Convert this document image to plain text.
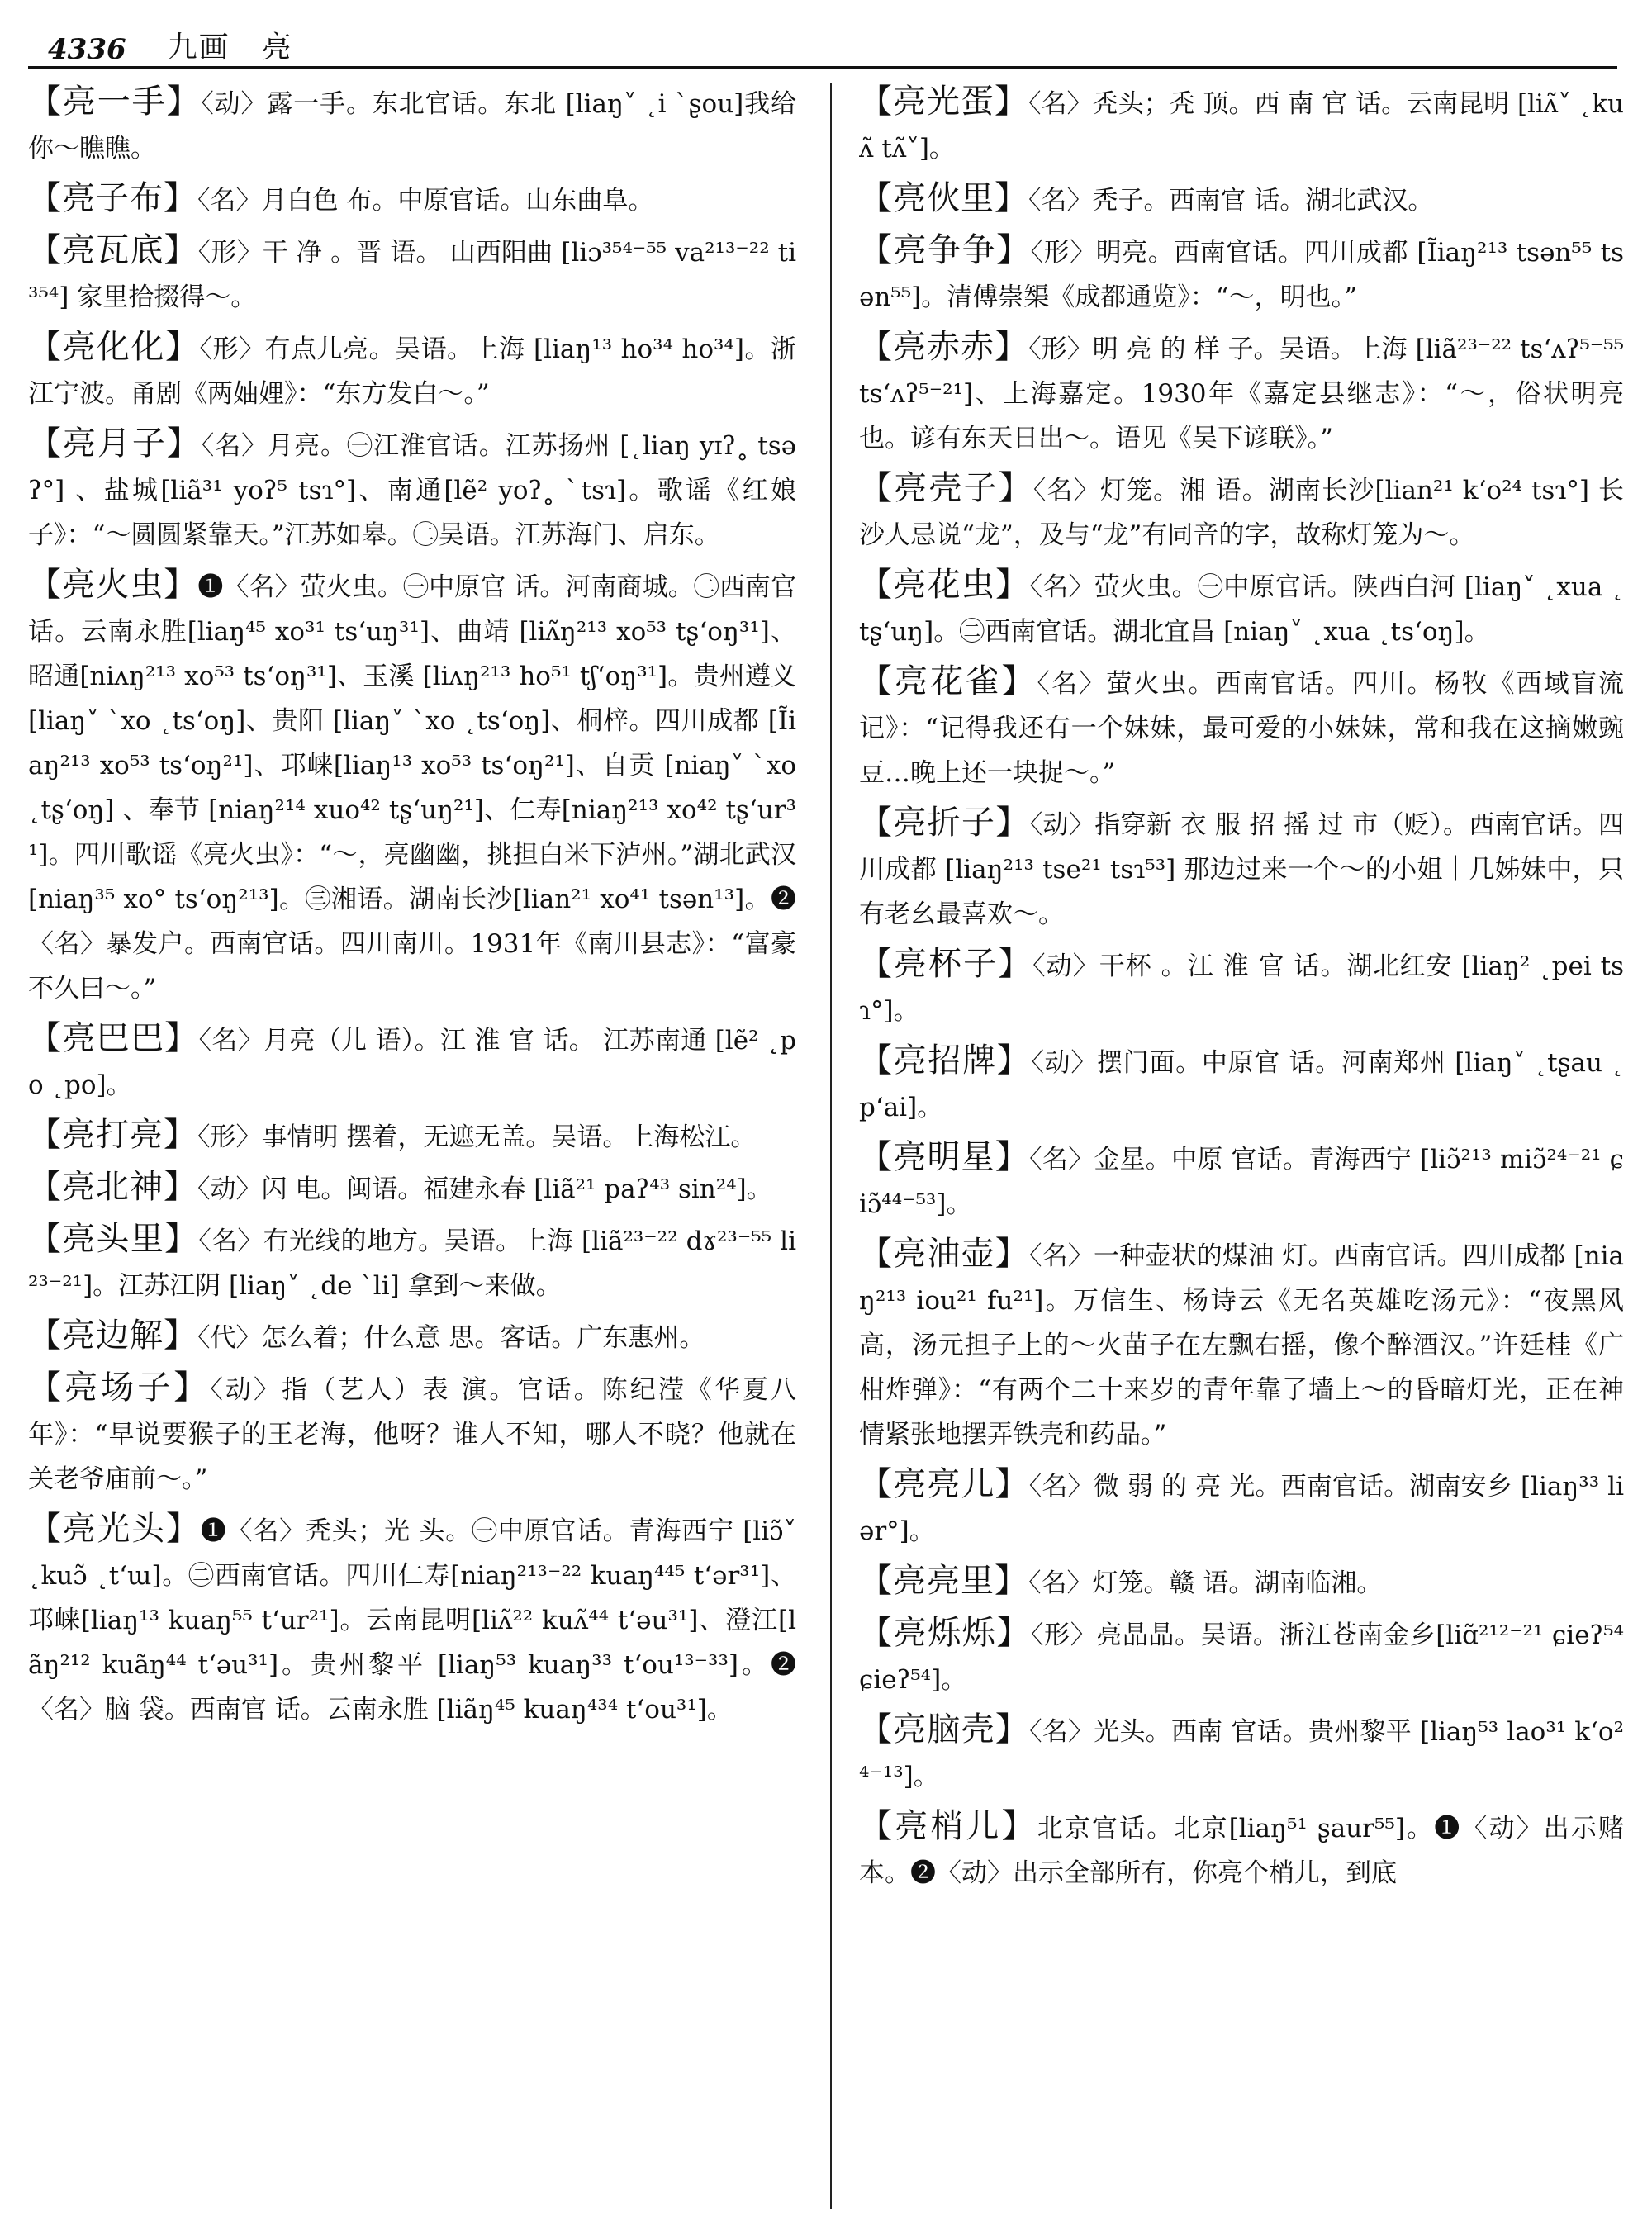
4336 九画 亮

【亮一手】〈动〉露一手。东北官话。东北 [liaŋ˅ ˛i ˋʂou]我给你～瞧瞧。

【亮子布】〈名〉月白色 布。中原官话。山东曲阜。

【亮瓦底】〈形〉干 净 。晋 语。 山西阳曲 [liɔ³⁵⁴⁻⁵⁵ va²¹³⁻²² ti³⁵⁴] 家里拾掇得～。

【亮化化】〈形〉有点儿亮。吴语。上海 [liaŋ¹³ ho³⁴ ho³⁴]。浙江宁波。甬剧《两妯娌》：“东方发白～。”

【亮月子】〈名〉月亮。㊀江淮官话。江苏扬州 [˛liaŋ yɪʔ˳ tsəʔ°] 、盐城[liã³¹ yoʔ⁵ tsɿ°]、南通[lẽ² yoʔ˳ ˋtsɿ]。歌谣《红娘子》：“～圆圆紧靠天。”江苏如皋。㊁吴语。江苏海门、启东。

【亮火虫】❶〈名〉萤火虫。㊀中原官 话。河南商城。㊁西南官话。云南永胜[liaŋ⁴⁵ xo³¹ tsʻuŋ³¹]、曲靖 [liʌ̃ŋ²¹³ xo⁵³ tʂʻoŋ³¹]、昭通[niʌŋ²¹³ xo⁵³ tsʻoŋ³¹]、玉溪 [liʌŋ²¹³ ho⁵¹ tʃʻoŋ³¹]。贵州遵义 [liaŋ˅ ˋxo ˛tsʻoŋ]、贵阳 [liaŋ˅ ˋxo ˛tsʻoŋ]、桐梓。四川成都 [Ĩiaŋ²¹³ xo⁵³ tsʻoŋ²¹]、邛崃[liaŋ¹³ xo⁵³ tsʻoŋ²¹]、自贡 [niaŋ˅ ˋxo ˛tʂʻoŋ] 、奉节 [niaŋ²¹⁴ xuo⁴² tʂʻuŋ²¹]、仁寿[niaŋ²¹³ xo⁴² tʂʻur³¹]。四川歌谣《亮火虫》：“～，亮幽幽，挑担白米下泸州。”湖北武汉 [niaŋ³⁵ xo° tsʻoŋ²¹³]。㊂湘语。湖南长沙[lian²¹ xo⁴¹ tsən¹³]。❷〈名〉暴发户。西南官话。四川南川。1931年《南川县志》：“富豪不久曰～。”

【亮巴巴】〈名〉月亮（儿 语）。江 淮 官 话。 江苏南通 [lẽ² ˛po ˛po]。

【亮打亮】〈形〉事情明 摆着，无遮无盖。吴语。上海松江。

【亮北神】〈动〉闪 电。闽语。福建永春 [liã²¹ paʔ⁴³ sin²⁴]。

【亮头里】〈名〉有光线的地方。吴语。上海 [liã²³⁻²² dɤ²³⁻⁵⁵ li²³⁻²¹]。江苏江阴 [liaŋ˅ ˛de ˋli] 拿到～来做。

【亮边解】〈代〉怎么着；什么意 思。客话。广东惠州。

【亮场子】〈动〉指（艺人）表 演。官话。陈纪滢《华夏八年》：“早说要猴子的王老海，他呀？谁人不知，哪人不晓？他就在关老爷庙前～。”

【亮光头】❶〈名〉秃头；光 头。㊀中原官话。青海西宁 [liɔ̃˅ ˛kuɔ̃ ˛tʻɯ]。㊁西南官话。四川仁寿[niaŋ²¹³⁻²² kuaŋ⁴⁴⁵ tʻər³¹]、 邛崃[liaŋ¹³ kuaŋ⁵⁵ tʻur²¹]。云南昆明[liʌ̃²² kuʌ̃⁴⁴ tʻəu³¹]、澄江[lãŋ²¹² kuãŋ⁴⁴ tʻəu³¹]。贵州黎平 [liaŋ⁵³ kuaŋ³³ tʻou¹³⁻³³]。❷〈名〉脑 袋。西南官 话。云南永胜 [liãŋ⁴⁵ kuaŋ⁴³⁴ tʻou³¹]。

【亮光蛋】〈名〉秃头；秃 顶。西 南 官 话。云南昆明 [liʌ̃˅ ˛kuʌ̃ tʌ̃˅]。

【亮伙里】〈名〉秃子。西南官 话。湖北武汉。

【亮争争】〈形〉明亮。西南官话。四川成都 [Ĩiaŋ²¹³ tsən⁵⁵ tsən⁵⁵]。清傅崇榘《成都通览》：“～，明也。”

【亮赤赤】〈形〉明 亮 的 样 子。吴语。上海 [liã²³⁻²² tsʻʌʔ⁵⁻⁵⁵ tsʻʌʔ⁵⁻²¹]、上海嘉定。1930年《嘉定县继志》：“～，俗状明亮也。谚有东天日出～。语见《吴下谚联》。”

【亮壳子】〈名〉灯笼。湘 语。湖南长沙[lian²¹ kʻo²⁴ tsɿ°] 长沙人忌说“龙”，及与“龙”有同音的字，故称灯笼为～。

【亮花虫】〈名〉萤火虫。㊀中原官话。陕西白河 [liaŋ˅ ˛xua ˛tʂʻuŋ]。㊁西南官话。湖北宜昌 [niaŋ˅ ˛xua ˛tsʻoŋ]。

【亮花雀】〈名〉萤火虫。西南官话。四川。杨牧《西域盲流记》：“记得我还有一个妹妹，最可爱的小妹妹，常和我在这摘嫩豌豆…晚上还一块捉～。”

【亮折子】〈动〉指穿新 衣 服 招 摇 过 市（贬）。西南官话。四川成都 [liaŋ²¹³ tse²¹ tsɿ⁵³] 那边过来一个～的小姐｜几姊妹中，只有老幺最喜欢～。

【亮杯子】〈动〉干杯 。江 淮 官 话。湖北红安 [liaŋ² ˛pei tsɿ°]。

【亮招牌】〈动〉摆门面。中原官 话。河南郑州 [liaŋ˅ ˛tʂau ˛pʻai]。

【亮明星】〈名〉金星。中原 官话。青海西宁 [liɔ̃²¹³ miɔ̃²⁴⁻²¹ ɕiɔ̃⁴⁴⁻⁵³]。

【亮油壶】〈名〉一种壶状的煤油 灯。西南官话。四川成都 [niaŋ²¹³ iou²¹ fu²¹]。万信生、杨诗云《无名英雄吃汤元》：“夜黑风高，汤元担子上的～火苗子在左飘右摇，像个醉酒汉。”许廷桂《广柑炸弹》：“有两个二十来岁的青年靠了墙上～的昏暗灯光，正在神情紧张地摆弄铁壳和药品。”

【亮亮儿】〈名〉微 弱 的 亮 光。西南官话。湖南安乡 [liaŋ³³ liər°]。

【亮亮里】〈名〉灯笼。赣 语。湖南临湘。

【亮烁烁】〈形〉亮晶晶。吴语。浙江苍南金乡[liɑ̃²¹²⁻²¹ ɕieʔ⁵⁴ ɕieʔ⁵⁴]。

【亮脑壳】〈名〉光头。西南 官话。贵州黎平 [liaŋ⁵³ lao³¹ kʻo²⁴⁻¹³]。

【亮梢儿】北京官话。北京[liaŋ⁵¹ ʂaur⁵⁵]。❶〈动〉出示赌本。❷〈动〉出示全部所有，你亮个梢儿，到底
